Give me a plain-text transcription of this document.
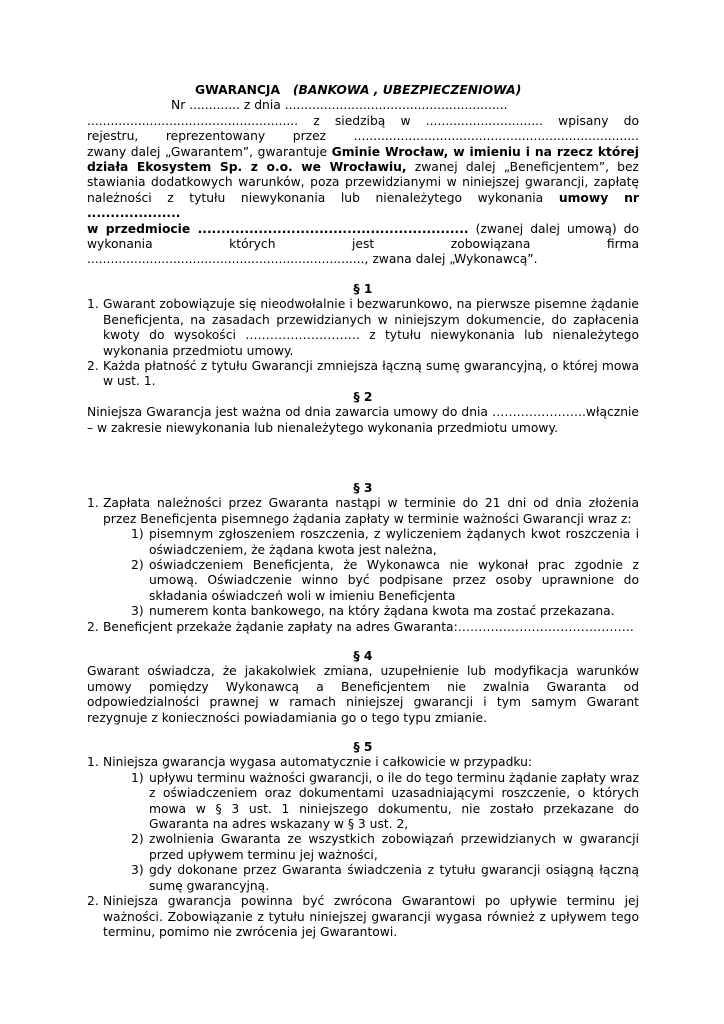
GWARANCJA (BANKOWA , UBEZPIECZENIOWA)

Nr ............. z dnia .........................................................

...................................................... z siedzibą w .............................. wpisany do
rejestru, reprezentowany przez .........................................................................
zwany dalej „Gwarantem”, gwarantuje Gminie Wrocław, w imieniu i na rzecz której
działa Ekosystem Sp. z o.o. we Wrocławiu, zwanej dalej „Beneficjentem”, bez
stawiania dodatkowych warunków, poza przewidzianymi w niniejszej gwarancji, zapłatę
należności z tytułu niewykonania lub nienależytego wykonania umowy nr ....................
w przedmiocie .......................................................... (zwanej dalej umową) do
wykonania których jest zobowiązana firma
......................................................................., zwana dalej „Wykonawcą”.

§ 1

1. Gwarant zobowiązuje się nieodwołalnie i bezwarunkowo, na pierwsze pisemne żądanie Beneficjenta, na zasadach przewidzianych w niniejszym dokumencie, do zapłacenia kwoty do wysokości ………………………. z tytułu niewykonania lub nienależytego wykonania przedmiotu umowy.
2. Każda płatność z tytułu Gwarancji zmniejsza łączną sumę gwarancyjną, o której mowa w ust. 1.

§ 2

Niniejsza Gwarancja jest ważna od dnia zawarcia umowy do dnia …………………..włącznie – w zakresie niewykonania lub nienależytego wykonania przedmiotu umowy.

§ 3

1. Zapłata należności przez Gwaranta nastąpi w terminie do 21 dni od dnia złożenia przez Beneficjenta pisemnego żądania zapłaty w terminie ważności Gwarancji wraz z:
1) pisemnym zgłoszeniem roszczenia, z wyliczeniem żądanych kwot roszczenia i oświadczeniem, że żądana kwota jest należna,
2) oświadczeniem Beneficjenta, że Wykonawca nie wykonał prac zgodnie z umową. Oświadczenie winno być podpisane przez osoby uprawnione do składania oświadczeń woli w imieniu Beneficjenta
3) numerem konta bankowego, na który żądana kwota ma zostać przekazana.
2. Beneficjent przekaże żądanie zapłaty na adres Gwaranta:…………………………………….

§ 4

Gwarant oświadcza, że jakakolwiek zmiana, uzupełnienie lub modyfikacja warunków umowy pomiędzy Wykonawcą a Beneficjentem nie zwalnia Gwaranta od odpowiedzialności prawnej w ramach niniejszej gwarancji i tym samym Gwarant rezygnuje z konieczności powiadamiania go o tego typu zmianie.

§ 5

1. Niniejsza gwarancja wygasa automatycznie i całkowicie w przypadku:
1) upływu terminu ważności gwarancji, o ile do tego terminu żądanie zapłaty wraz z oświadczeniem oraz dokumentami uzasadniającymi roszczenie, o których mowa w § 3 ust. 1 niniejszego dokumentu, nie zostało przekazane do Gwaranta na adres wskazany w § 3 ust. 2,
2) zwolnienia Gwaranta ze wszystkich zobowiązań przewidzianych w gwarancji przed upływem terminu jej ważności,
3) gdy dokonane przez Gwaranta świadczenia z tytułu gwarancji osiągną łączną sumę gwarancyjną.
2. Niniejsza gwarancja powinna być zwrócona Gwarantowi po upływie terminu jej ważności. Zobowiązanie z tytułu niniejszej gwarancji wygasa również z upływem tego terminu, pomimo nie zwrócenia jej Gwarantowi.
